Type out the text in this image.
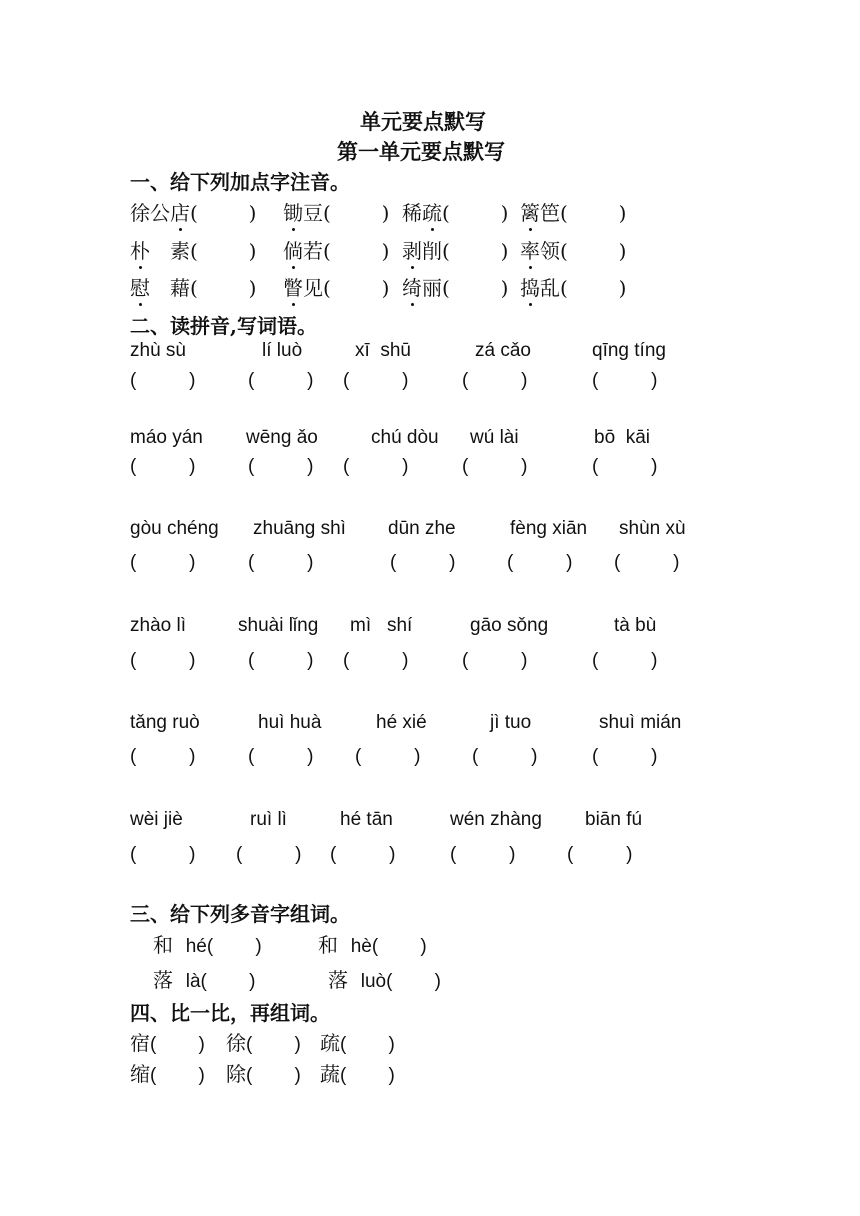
单元要点默写
第一单元要点默写
一、给下列加点字注音。
徐公店(        ) 锄豆(        ) 稀疏(        ) 篱笆(        )
朴　素(        ) 倘若(        ) 剥削(        ) 率领(        )
慰　藉(        ) 瞥见(        ) 绮丽(        ) 捣乱(        )
二、读拼音,写词语。
zhù sù
(          )
lí luò
(          )
xī  shū
(          )
zá cǎo
(          )
qīng tíng
(          )
máo yán
(          )
wēng ǎo
(          )
chú dòu
(          )
wú lài
(          )
bō  kāi
(          )
gòu chéng
(          )
zhuāng shì
(          )
dūn zhe
(          )
fèng xiān
(          )
shùn xù
(          )
zhào lì
(          )
shuài lǐng
(          )
mì   shí
(          )
gāo sǒng
(          )
tà bù
(          )
tǎng ruò
(          )
huì huà
(          )
hé xié
(          )
jì tuo
(          )
shuì mián
(          )
wèi jiè
(          )
ruì lì
(          )
hé tān
(          )
wén zhàng
(          )
biān fú
(          )
三、给下列多音字组词。
和  hé(        )	和  hè(        )
落  là(        )	落  luò(        )
四、比一比，再组词。
宿(        ) 徐(        ) 疏(        )
缩(        ) 除(        ) 蔬(        )
